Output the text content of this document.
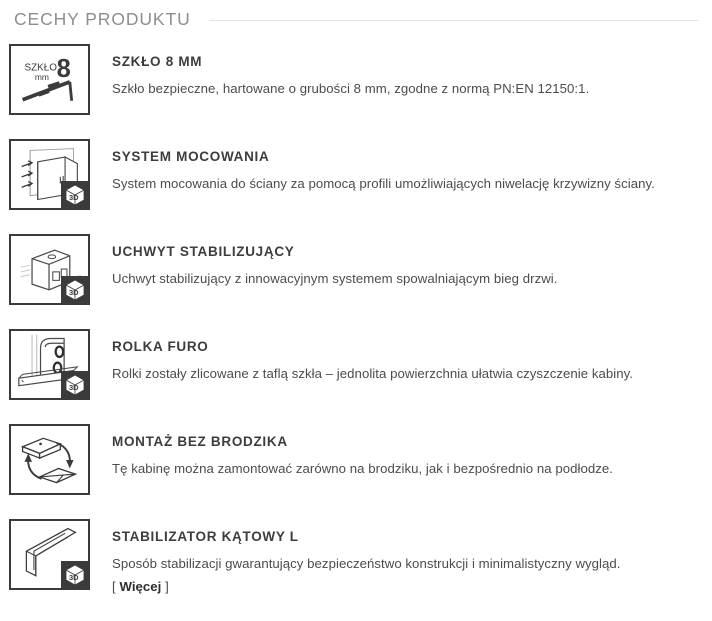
CECHY PRODUKTU
SZKŁO
mm 8	SZKŁO 8 MM
Szkło bezpieczne, hartowane o grubości 8 mm, zgodne z normą PN:EN 12150:1.
3D
SYSTEM MOCOWANIA
System mocowania do ściany za pomocą profili umożliwiających niwelację krzywizny ściany.
3D
UCHWYT STABILIZUJĄCY
Uchwyt stabilizujący z innowacyjnym systemem spowalniającym bieg drzwi.
3D
ROLKA FURO
Rolki zostały zlicowane z taflą szkła – jednolita powierzchnia ułatwia czyszczenie kabiny.
MONTAŻ BEZ BRODZIKA
Tę kabinę można zamontować zarówno na brodziku, jak i bezpośrednio na podłodze.
3D
STABILIZATOR KĄTOWY L
Sposób stabilizacji gwarantujący bezpieczeństwo konstrukcji i minimalistyczny wygląd.
[ Więcej ]
